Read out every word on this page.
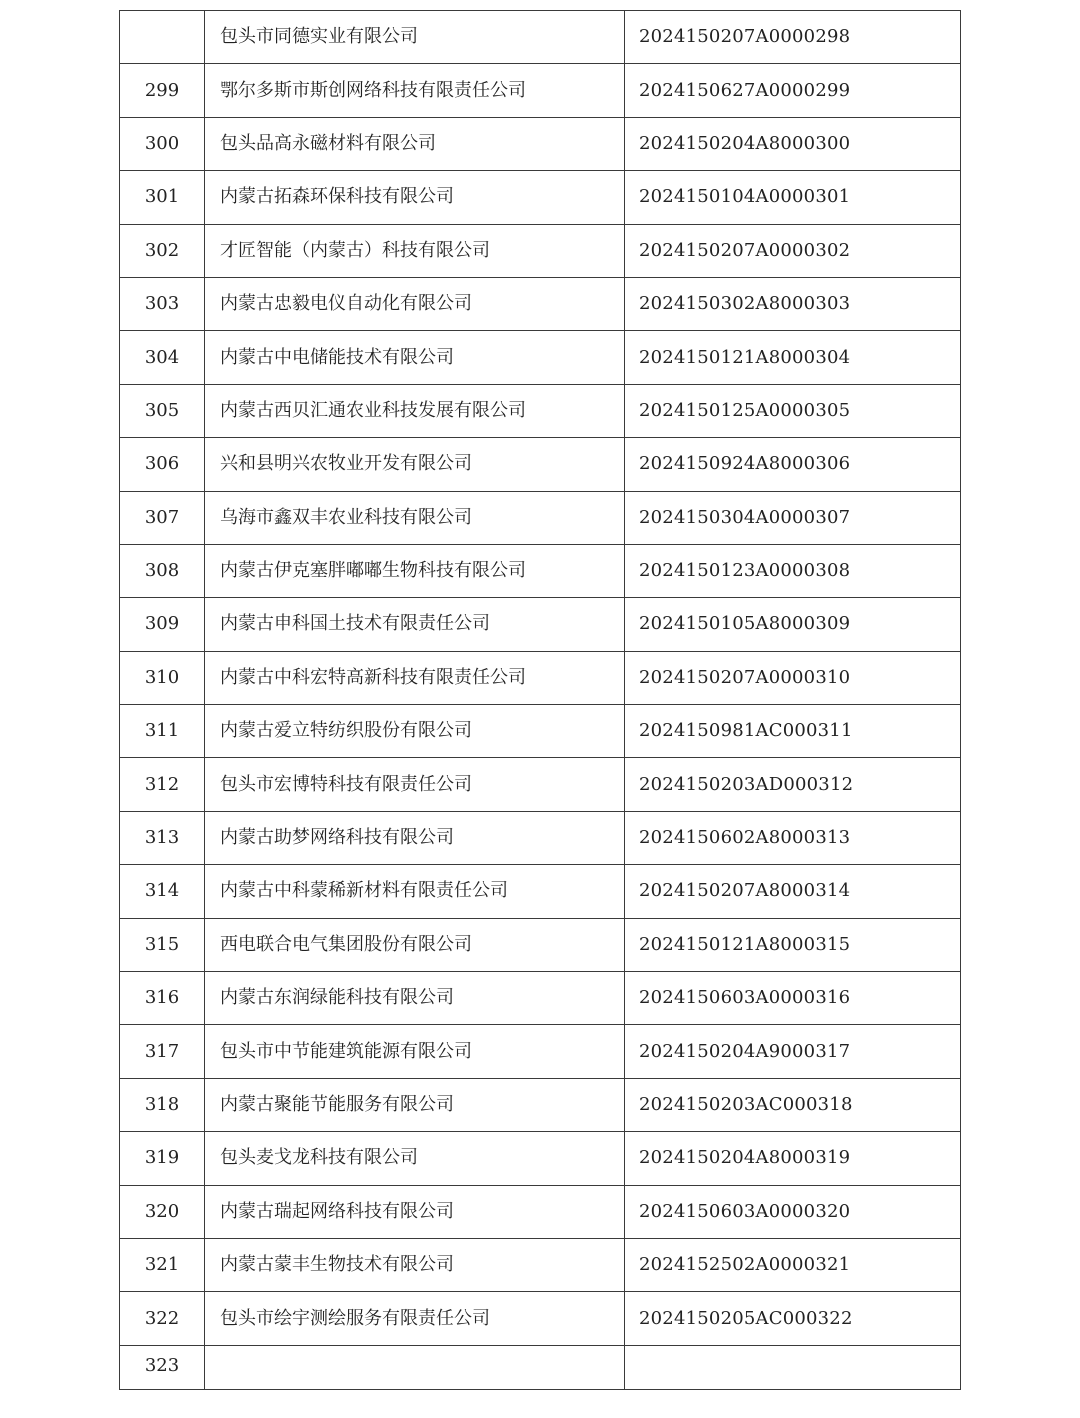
	包头市同德实业有限公司	2024150207A0000298
299	鄂尔多斯市斯创网络科技有限责任公司	2024150627A0000299
300	包头品高永磁材料有限公司	2024150204A8000300
301	内蒙古拓森环保科技有限公司	2024150104A0000301
302	才匠智能（内蒙古）科技有限公司	2024150207A0000302
303	内蒙古忠毅电仪自动化有限公司	2024150302A8000303
304	内蒙古中电储能技术有限公司	2024150121A8000304
305	内蒙古西贝汇通农业科技发展有限公司	2024150125A0000305
306	兴和县明兴农牧业开发有限公司	2024150924A8000306
307	乌海市鑫双丰农业科技有限公司	2024150304A0000307
308	内蒙古伊克塞胖嘟嘟生物科技有限公司	2024150123A0000308
309	内蒙古申科国土技术有限责任公司	2024150105A8000309
310	内蒙古中科宏特高新科技有限责任公司	2024150207A0000310
311	内蒙古爱立特纺织股份有限公司	2024150981AC000311
312	包头市宏博特科技有限责任公司	2024150203AD000312
313	内蒙古助梦网络科技有限公司	2024150602A8000313
314	内蒙古中科蒙稀新材料有限责任公司	2024150207A8000314
315	西电联合电气集团股份有限公司	2024150121A8000315
316	内蒙古东润绿能科技有限公司	2024150603A0000316
317	包头市中节能建筑能源有限公司	2024150204A9000317
318	内蒙古聚能节能服务有限公司	2024150203AC000318
319	包头麦戈龙科技有限公司	2024150204A8000319
320	内蒙古瑞起网络科技有限公司	2024150603A0000320
321	内蒙古蒙丰生物技术有限公司	2024152502A0000321
322	包头市绘宇测绘服务有限责任公司	2024150205AC000322
323		
